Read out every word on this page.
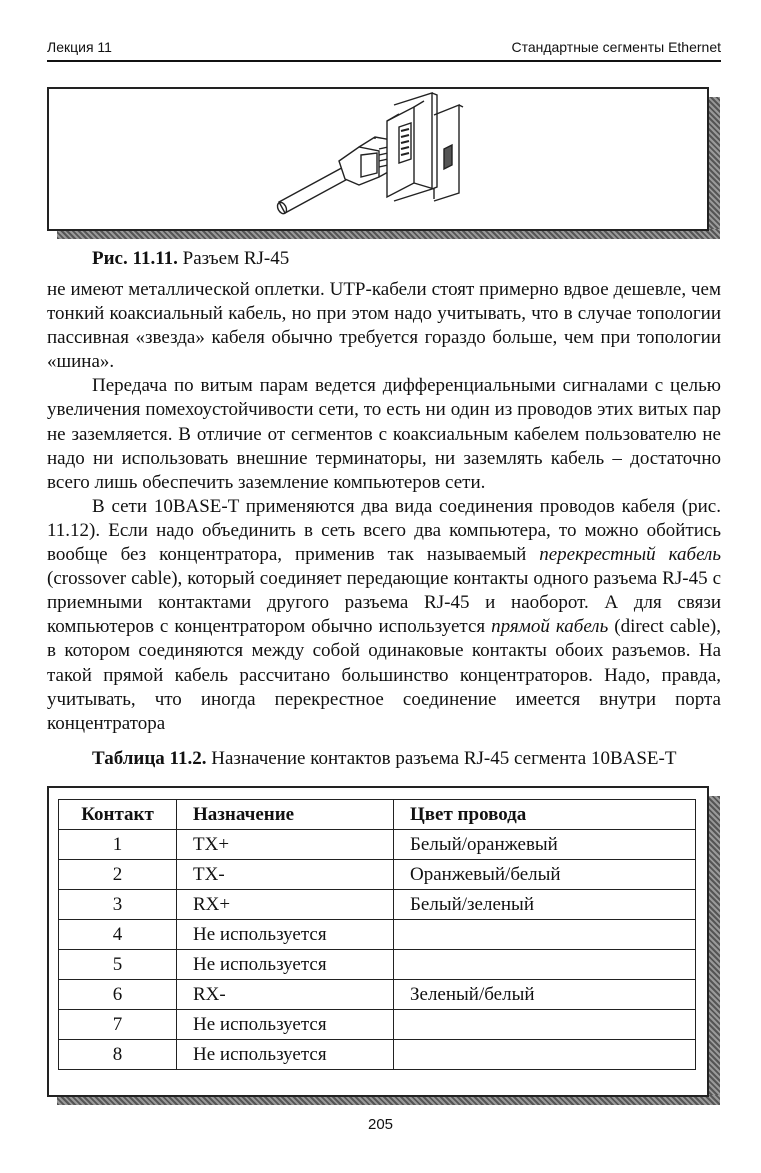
Лекция 11	Стандартные сегменты Ethernet
Рис. 11.11. Разъем RJ-45

не имеют металлической оплетки. UTP-кабели стоят примерно вдвое дешевле, чем тонкий коаксиальный кабель, но при этом надо учитывать, что в случае топологии пассивная «звезда» кабеля обычно требуется гораздо больше, чем при топологии «шина».

Передача по витым парам ведется дифференциальными сигналами с целью увеличения помехоустойчивости сети, то есть ни один из проводов этих витых пар не заземляется. В отличие от сегментов с коаксиальным кабелем пользователю не надо ни использовать внешние терминаторы, ни заземлять кабель – достаточно всего лишь обеспечить заземление компьютеров сети.

В сети 10BASE-T применяются два вида соединения проводов кабеля (рис. 11.12). Если надо объединить в сеть всего два компьютера, то можно обойтись вообще без концентратора, применив так называемый перекрестный кабель (crossover cable), который соединяет передающие контакты одного разъема RJ-45 с приемными контактами другого разъема RJ-45 и наоборот. А для связи компьютеров с концентратором обычно используется прямой кабель (direct cable), в котором соединяются между собой одинаковые контакты обоих разъемов. На такой прямой кабель рассчитано большинство концентраторов. Надо, правда, учитывать, что иногда перекрестное соединение имеется внутри порта концентратора

Таблица 11.2. Назначение контактов разъема RJ-45 сегмента 10BASE-T
Контакт	Назначение	Цвет провода
1	TX+	Белый/оранжевый
2	TX-	Оранжевый/белый
3	RX+	Белый/зеленый
4	Не используется	
5	Не используется	
6	RX-	Зеленый/белый
7	Не используется	
8	Не используется	
205
